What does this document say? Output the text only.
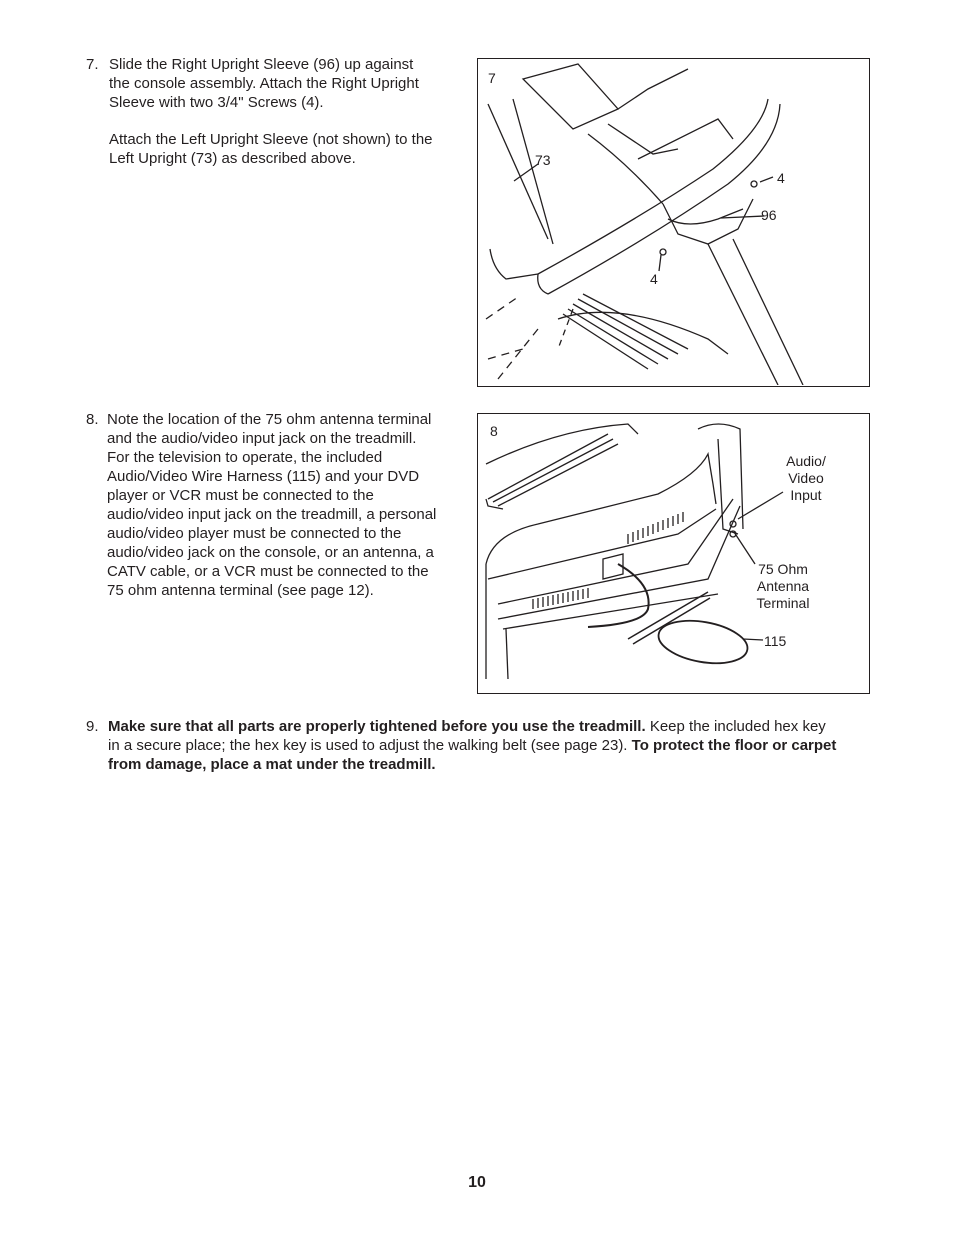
7. Slide the Right Upright Sleeve (96) up against
the console assembly. Attach the Right Upright
Sleeve with two 3/4" Screws (4).

Attach the Left Upright Sleeve (not shown) to the
Left Upright (73) as described above.

7
73
4
96
4
8. Note the location of the 75 ohm antenna terminal
and the audio/video input jack on the treadmill.
For the television to operate, the included
Audio/Video Wire Harness (115) and your DVD
player or VCR must be connected to the
audio/video input jack on the treadmill, a personal
audio/video player must be connected to the
audio/video jack on the console, or an antenna, a
CATV cable, or a VCR must be connected to the
75 ohm antenna terminal (see page 12).

8
Audio/
Video
Input
75 Ohm
Antenna
Terminal
115
9. Make sure that all parts are properly tightened before you use the treadmill. Keep the included hex key
in a secure place; the hex key is used to adjust the walking belt (see page 23). To protect the floor or carpet
from damage, place a mat under the treadmill.

10
